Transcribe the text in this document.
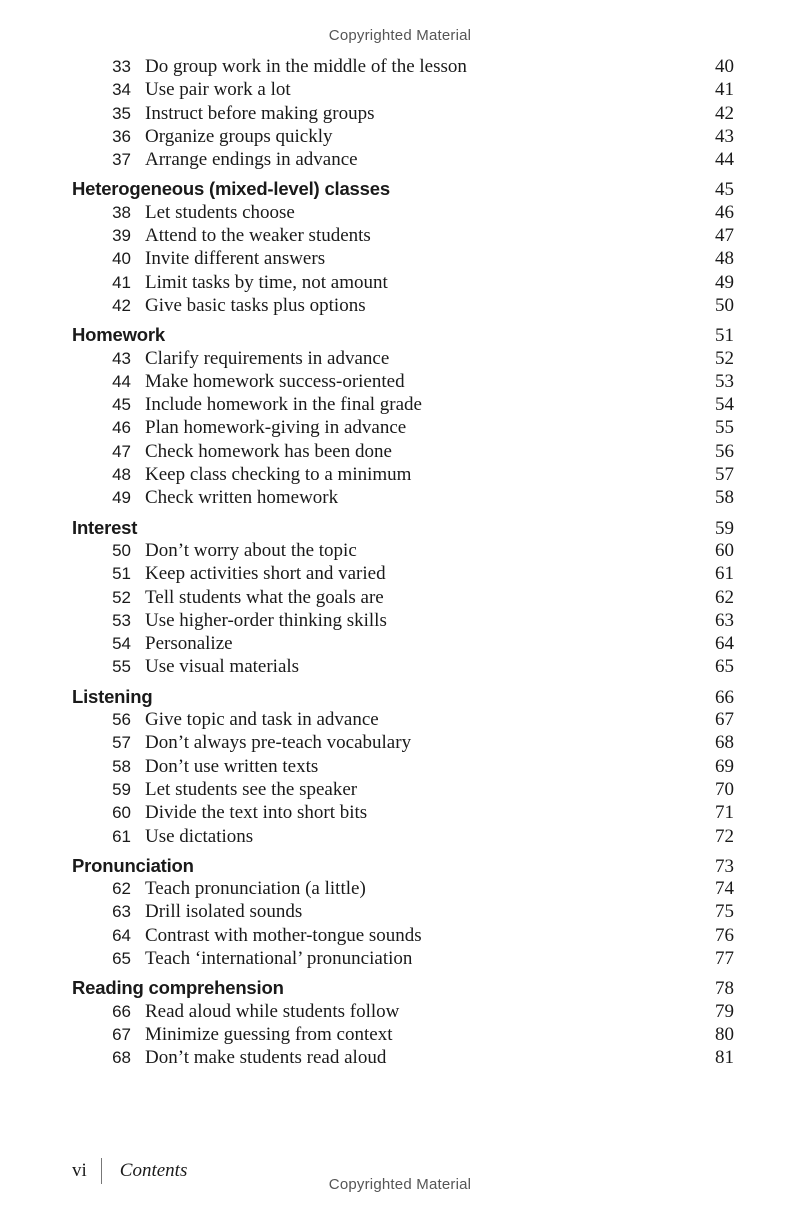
Copyrighted Material
33 Do group work in the middle of the lesson	40
34 Use pair work a lot	41
35 Instruct before making groups	42
36 Organize groups quickly	43
37 Arrange endings in advance	44
Heterogeneous (mixed-level) classes	45
38 Let students choose	46
39 Attend to the weaker students	47
40 Invite different answers	48
41 Limit tasks by time, not amount	49
42 Give basic tasks plus options	50
Homework	51
43 Clarify requirements in advance	52
44 Make homework success-oriented	53
45 Include homework in the final grade	54
46 Plan homework-giving in advance	55
47 Check homework has been done	56
48 Keep class checking to a minimum	57
49 Check written homework	58
Interest	59
50 Don’t worry about the topic	60
51 Keep activities short and varied	61
52 Tell students what the goals are	62
53 Use higher-order thinking skills	63
54 Personalize	64
55 Use visual materials	65
Listening	66
56 Give topic and task in advance	67
57 Don’t always pre-teach vocabulary	68
58 Don’t use written texts	69
59 Let students see the speaker	70
60 Divide the text into short bits	71
61 Use dictations	72
Pronunciation	73
62 Teach pronunciation (a little)	74
63 Drill isolated sounds	75
64 Contrast with mother-tongue sounds	76
65 Teach ‘international’ pronunciation	77
Reading comprehension	78
66 Read aloud while students follow	79
67 Minimize guessing from context	80
68 Don’t make students read aloud	81
vi Contents
Copyrighted Material
